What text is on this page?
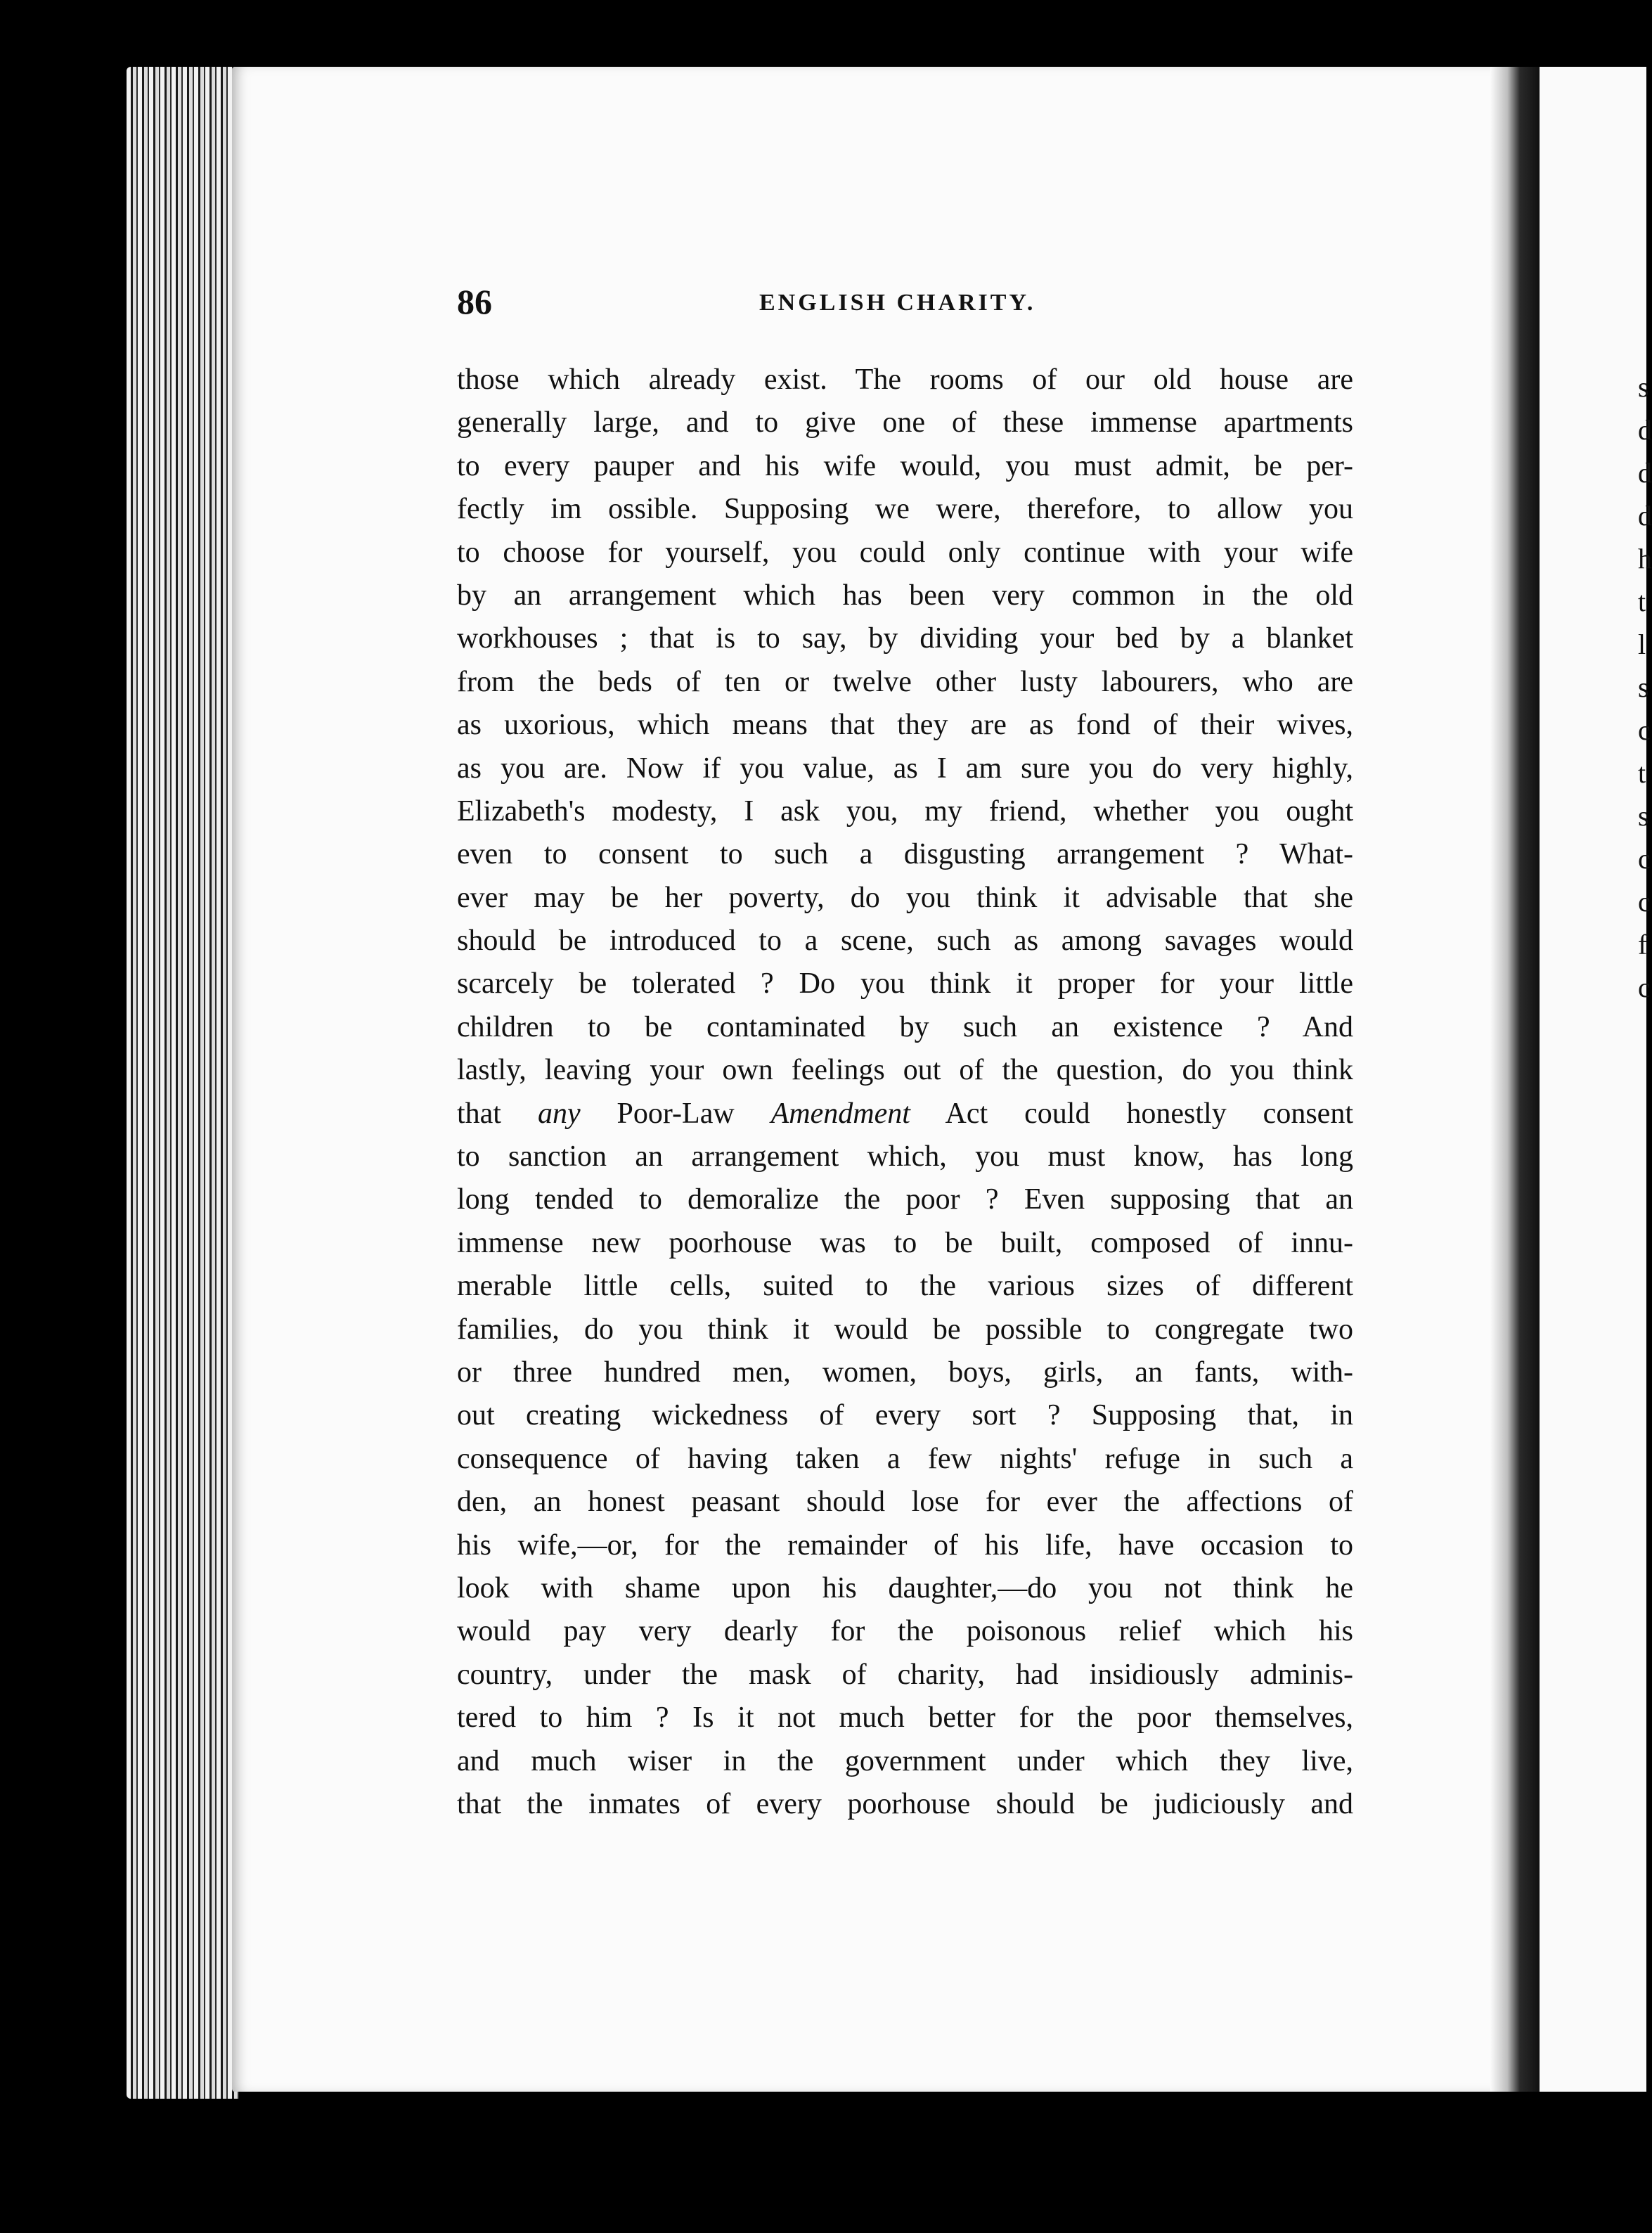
s
d
d
d
h
t
l
s
c
t
s
c
c
f
c
86	ENGLISH CHARITY.
those which already exist. The rooms of our old house are
generally large, and to give one of these immense apartments
to every pauper and his wife would, you must admit, be per-
fectly im ossible. Supposing we were, therefore, to allow you
to choose for yourself, you could only continue with your wife
by an arrangement which has been very common in the old
workhouses ; that is to say, by dividing your bed by a blanket
from the beds of ten or twelve other lusty labourers, who are
as uxorious, which means that they are as fond of their wives,
as you are. Now if you value, as I am sure you do very highly,
Elizabeth's modesty, I ask you, my friend, whether you ought
even to consent to such a disgusting arrangement ? What-
ever may be her poverty, do you think it advisable that she
should be introduced to a scene, such as among savages would
scarcely be tolerated ? Do you think it proper for your little
children to be contaminated by such an existence ? And
lastly, leaving your own feelings out of the question, do you think
that any Poor-Law Amendment Act could honestly consent
to sanction an arrangement which, you must know, has long
long tended to demoralize the poor ? Even supposing that an
immense new poorhouse was to be built, composed of innu-
merable little cells, suited to the various sizes of different
families, do you think it would be possible to congregate two
or three hundred men, women, boys, girls, an fants, with-
out creating wickedness of every sort ? Supposing that, in
consequence of having taken a few nights' refuge in such a
den, an honest peasant should lose for ever the affections of
his wife,—or, for the remainder of his life, have occasion to
look with shame upon his daughter,—do you not think he
would pay very dearly for the poisonous relief which his
country, under the mask of charity, had insidiously adminis-
tered to him ? Is it not much better for the poor themselves,
and much wiser in the government under which they live,
that the inmates of every poorhouse should be judiciously and
